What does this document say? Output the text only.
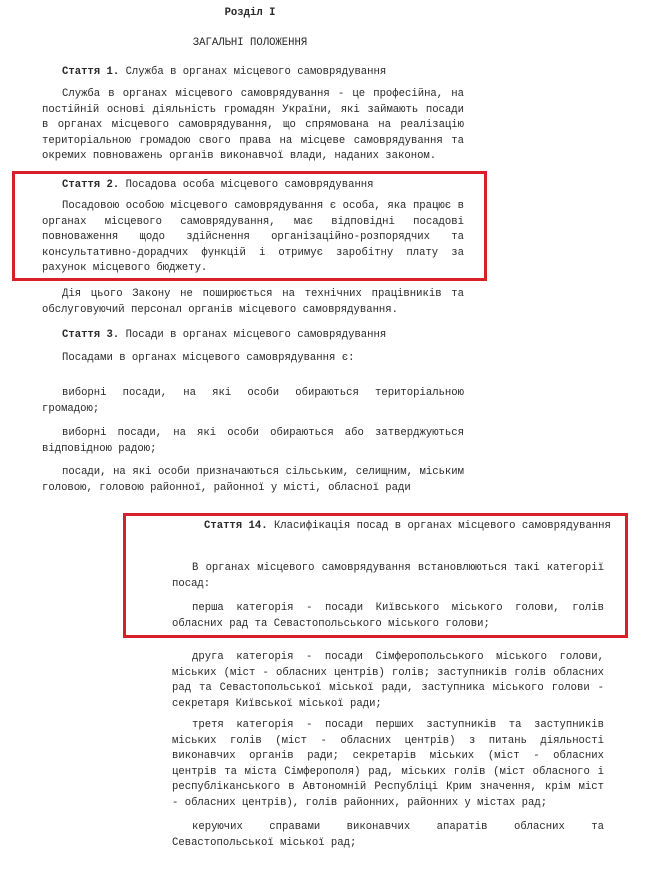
Розділ I
ЗАГАЛЬНІ ПОЛОЖЕННЯ
Стаття 1. Служба в органах місцевого самоврядування
Служба в органах місцевого самоврядування - це професійна, на постійній основі діяльність громадян України, які займають посади в органах місцевого самоврядування, що спрямована на реалізацію територіальною громадою свого права на місцеве самоврядування та окремих повноважень органів виконавчої влади, наданих законом.
Стаття 2. Посадова особа місцевого самоврядування
Посадовою особою місцевого самоврядування є особа, яка працює в органах місцевого самоврядування, має відповідні посадові повноваження щодо здійснення організаційно-розпорядчих та консультативно-дорадчих функцій і отримує заробітну плату за рахунок місцевого бюджету.
Дія цього Закону не поширюється на технічних працівників та обслуговуючий персонал органів місцевого самоврядування.
Стаття 3. Посади в органах місцевого самоврядування
Посадами в органах місцевого самоврядування є:
виборні посади, на які особи обираються територіальною громадою;
виборні посади, на які особи обираються або затверджуються відповідною радою;
посади, на які особи призначаються сільським, селищним, міським головою, головою районної, районної у місті, обласної ради
Стаття 14. Класифікація посад в органах місцевого самоврядування
В органах місцевого самоврядування встановлюються такі категорії посад:
перша категорія - посади Київського міського голови, голів обласних рад та Севастопольського міського голови;
друга категорія - посади Сімферопольського міського голови, міських (міст - обласних центрів) голів; заступників голів обласних рад та Севастопольської міської ради, заступника міського голови - секретаря Київської міської ради;
третя категорія - посади перших заступників та заступників міських голів (міст - обласних центрів) з питань діяльності виконавчих органів ради; секретарів міських (міст - обласних центрів та міста Сімферополя) рад, міських голів (міст обласного і республіканського в Автономній Республіці Крим значення, крім міст - обласних центрів), голів районних, районних у містах рад;
керуючих справами виконавчих апаратів обласних та Севастопольської міської рад;
